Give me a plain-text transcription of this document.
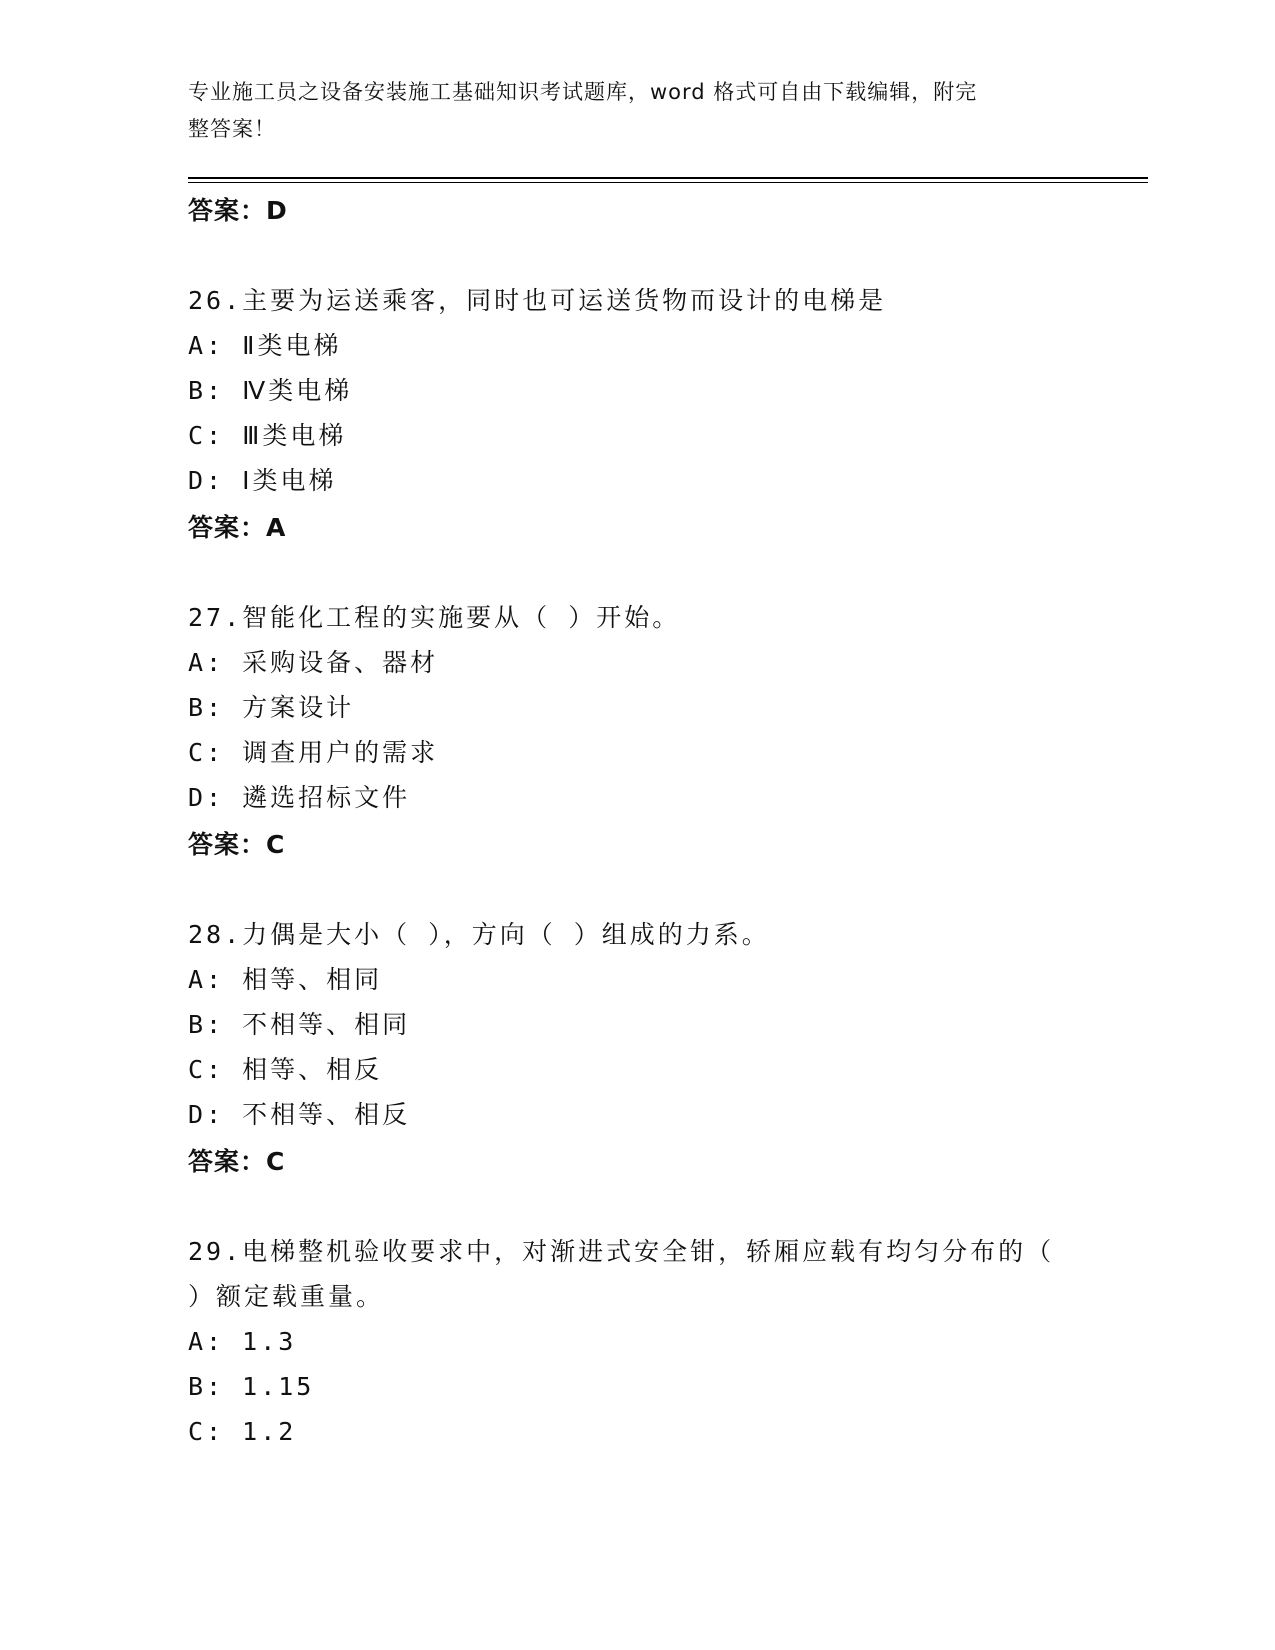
专业施工员之设备安装施工基础知识考试题库，word 格式可自由下载编辑，附完
整答案！
答案：D
26.主要为运送乘客，同时也可运送货物而设计的电梯是
A: Ⅱ类电梯
B: Ⅳ类电梯
C: Ⅲ类电梯
D: Ⅰ类电梯
答案：A
27.智能化工程的实施要从（ ）开始。
A: 采购设备、器材
B: 方案设计
C: 调查用户的需求
D: 遴选招标文件
答案：C
28.力偶是大小（ ），方向（ ）组成的力系。
A: 相等、相同
B: 不相等、相同
C: 相等、相反
D: 不相等、相反
答案：C
29.电梯整机验收要求中，对渐进式安全钳，轿厢应载有均匀分布的（
）额定载重量。
A: 1.3
B: 1.15
C: 1.2
